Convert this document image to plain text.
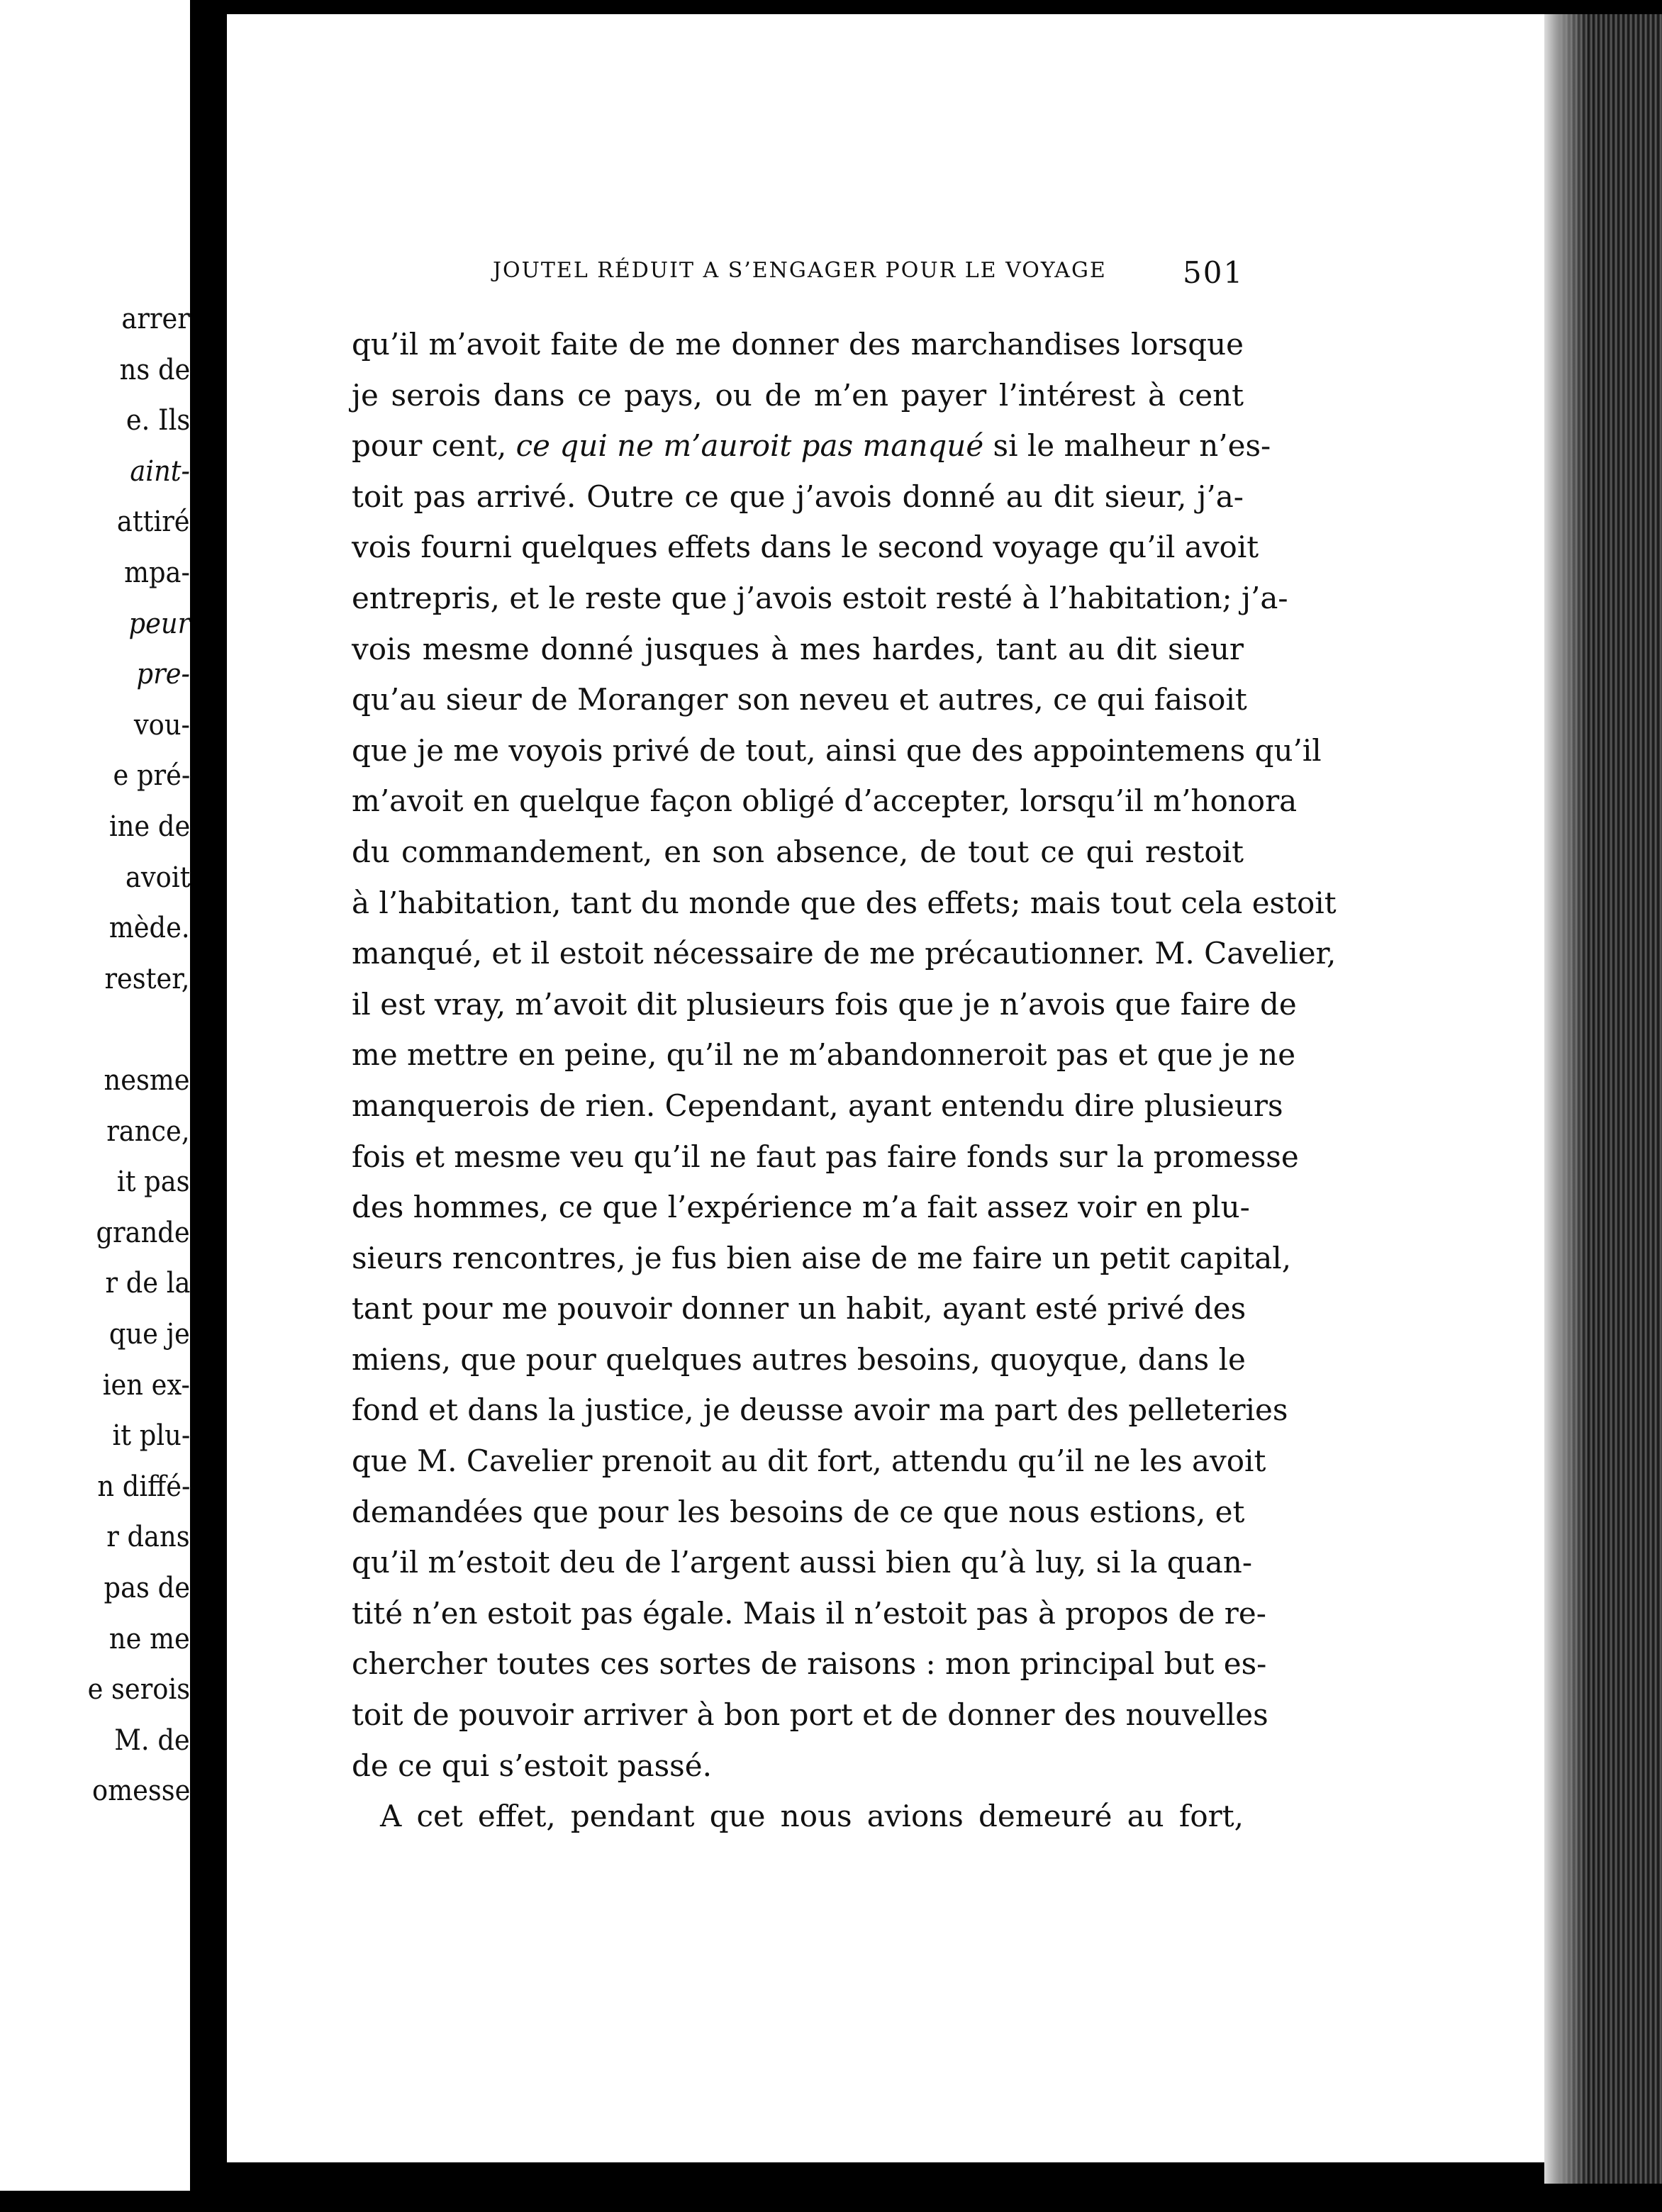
arrer
ns de
e. Ils
aint-
attiré
mpa-
peur
pre-
vou-
e pré-
ine de
avoit
mède.
rester,
nesme
rance,
it pas
grande
r de la
que je
ien ex-
it plu-
n diffé-
r dans
pas de
ne me
e serois
M. de
omesse
JOUTEL RÉDUIT A S’ENGAGER POUR LE VOYAGE	501
qu’il m’avoit faite de me donner des marchandises lorsque
je serois dans ce pays, ou de m’en payer l’intérest à cent
pour cent, ce qui ne m’auroit pas manqué si le malheur n’es-
toit pas arrivé. Outre ce que j’avois donné au dit sieur, j’a-
vois fourni quelques effets dans le second voyage qu’il avoit
entrepris, et le reste que j’avois estoit resté à l’habitation; j’a-
vois mesme donné jusques à mes hardes, tant au dit sieur
qu’au sieur de Moranger son neveu et autres, ce qui faisoit
que je me voyois privé de tout, ainsi que des appointemens qu’il
m’avoit en quelque façon obligé d’accepter, lorsqu’il m’honora
du commandement, en son absence, de tout ce qui restoit
à l’habitation, tant du monde que des effets; mais tout cela estoit
manqué, et il estoit nécessaire de me précautionner. M. Cavelier,
il est vray, m’avoit dit plusieurs fois que je n’avois que faire de
me mettre en peine, qu’il ne m’abandonneroit pas et que je ne
manquerois de rien. Cependant, ayant entendu dire plusieurs
fois et mesme veu qu’il ne faut pas faire fonds sur la promesse
des hommes, ce que l’expérience m’a fait assez voir en plu-
sieurs rencontres, je fus bien aise de me faire un petit capital,
tant pour me pouvoir donner un habit, ayant esté privé des
miens, que pour quelques autres besoins, quoyque, dans le
fond et dans la justice, je deusse avoir ma part des pelleteries
que M. Cavelier prenoit au dit fort, attendu qu’il ne les avoit
demandées que pour les besoins de ce que nous estions, et
qu’il m’estoit deu de l’argent aussi bien qu’à luy, si la quan-
tité n’en estoit pas égale. Mais il n’estoit pas à propos de re-
chercher toutes ces sortes de raisons : mon principal but es-
toit de pouvoir arriver à bon port et de donner des nouvelles
de ce qui s’estoit passé.
A cet effet, pendant que nous avions demeuré au fort,
